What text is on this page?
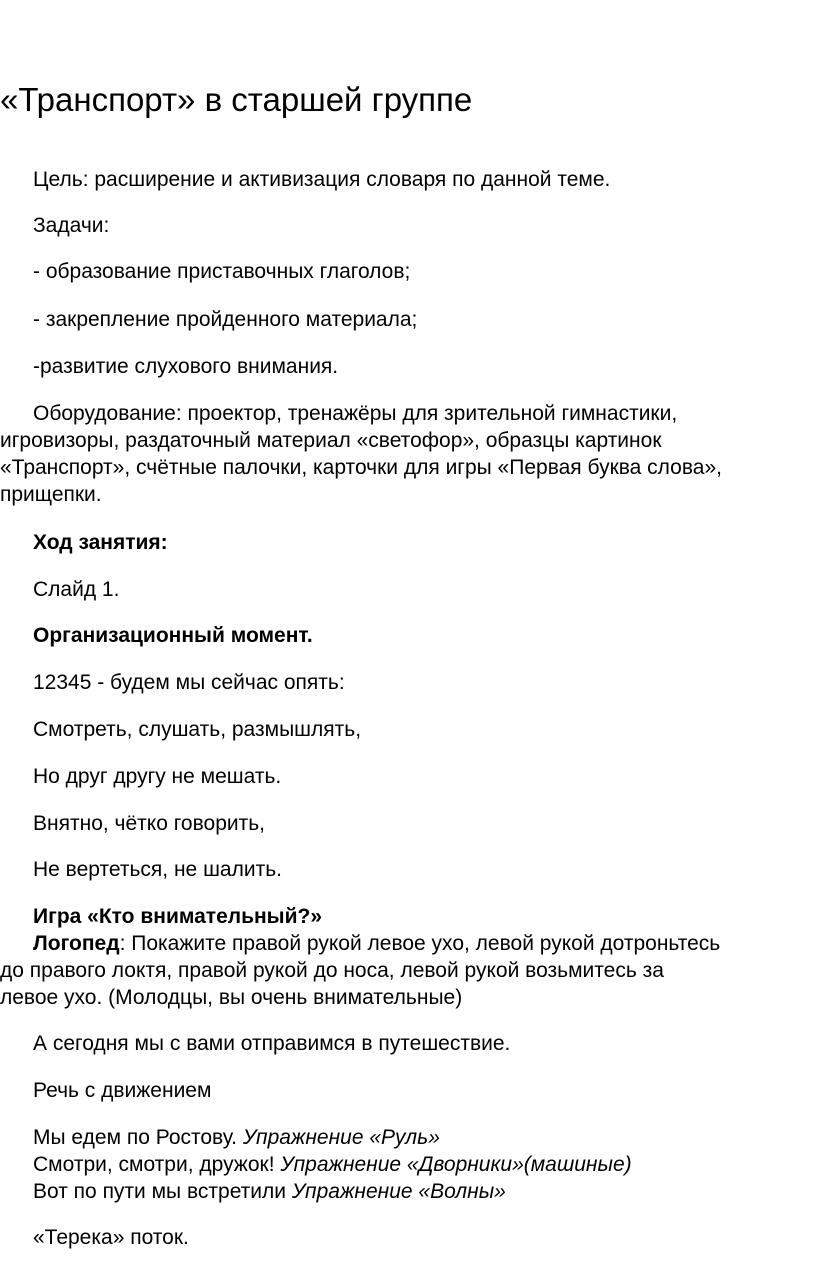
«Транспорт» в старшей группе

Цель: расширение и активизация словаря по данной теме.

Задачи:

- образование приставочных глаголов;

- закрепление пройденного материала;

-развитие слухового внимания.

Оборудование: проектор, тренажёры для зрительной гимнастики,

игровизоры, раздаточный материал «светофор», образцы картинок

«Транспорт», счётные палочки, карточки для игры «Первая буква слова»,

прищепки.

Ход занятия:

Слайд 1.

Организационный момент.

12345 - будем мы сейчас опять:

Смотреть, слушать, размышлять,

Но друг другу не мешать.

Внятно, чётко говорить,

Не вертеться, не шалить.

Игра «Кто внимательный?»

Логопед: Покажите правой рукой левое ухо, левой рукой дотроньтесь

до правого локтя, правой рукой до носа, левой рукой возьмитесь за

левое ухо. (Молодцы, вы очень внимательные)

А сегодня мы с вами отправимся в путешествие.

Речь с движением

Мы едем по Ростову. Упражнение «Руль»

Смотри, смотри, дружок! Упражнение «Дворники»(машиные)

Вот по пути мы встретили Упражнение «Волны»

«Терека» поток.
